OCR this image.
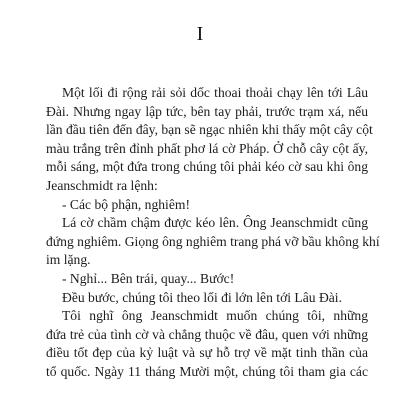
I
Một lối đi rộng rải sỏi dốc thoai thoải chạy lên tới Lâu
Đài. Nhưng ngay lập tức, bên tay phải, trước trạm xá, nếu
lần đầu tiên đến đây, bạn sẽ ngạc nhiên khi thấy một cây cột
màu trắng trên đỉnh phất phơ lá cờ Pháp. Ở chỗ cây cột ấy,
mỗi sáng, một đứa trong chúng tôi phải kéo cờ sau khi ông
Jeanschmidt ra lệnh:
- Các bộ phận, nghiêm!
Lá cờ chầm chậm được kéo lên. Ông Jeanschmidt cũng
đứng nghiêm. Giọng ông nghiêm trang phá vỡ bầu không khí
im lặng.
- Nghỉ... Bên trái, quay... Bước!
Đều bước, chúng tôi theo lối đi lớn lên tới Lâu Đài.
Tôi nghĩ ông Jeanschmidt muốn chúng tôi, những
đứa trẻ của tình cờ và chẳng thuộc về đâu, quen với những
điều tốt đẹp của kỷ luật và sự hỗ trợ về mặt tinh thần của
tổ quốc. Ngày 11 tháng Mười một, chúng tôi tham gia các
